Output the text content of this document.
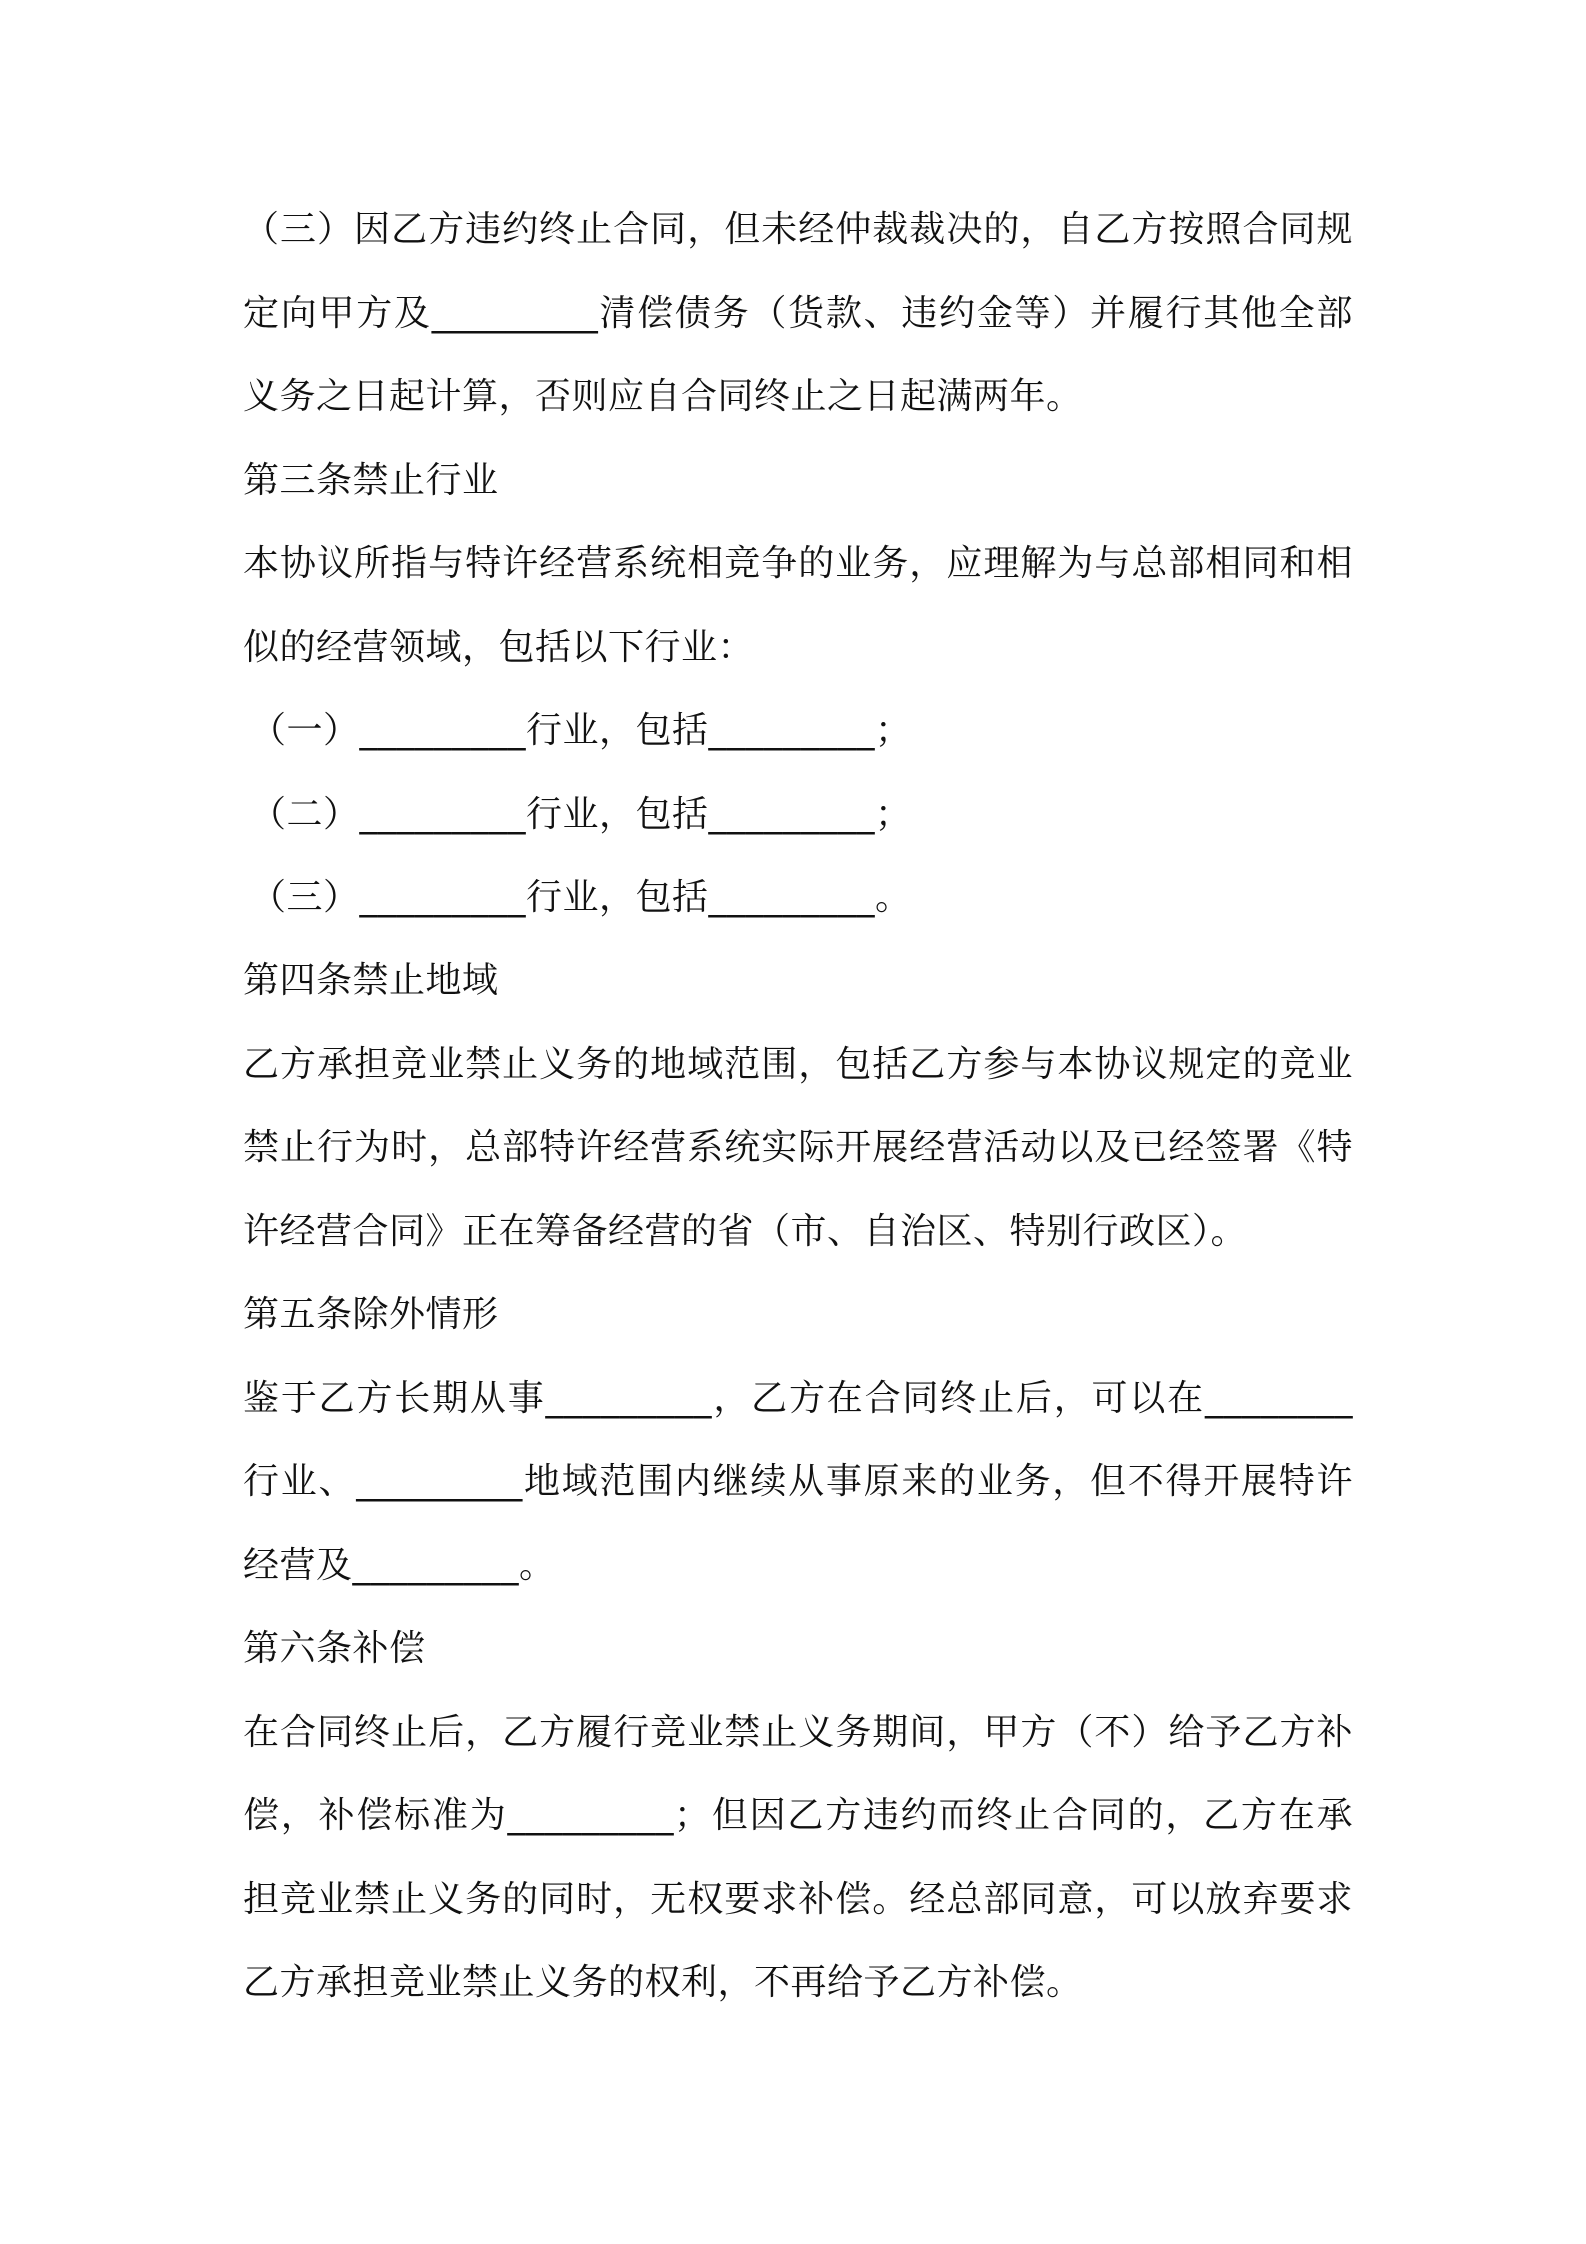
（三）因乙方违约终止合同，但未经仲裁裁决的，自乙方按照合同规
定向甲方及_________清偿债务（货款、违约金等）并履行其他全部
义务之日起计算，否则应自合同终止之日起满两年。
第三条禁止行业
本协议所指与特许经营系统相竞争的业务，应理解为与总部相同和相
似的经营领域，包括以下行业：
（一）_________行业，包括_________；
（二）_________行业，包括_________；
（三）_________行业，包括_________。
第四条禁止地域
乙方承担竞业禁止义务的地域范围，包括乙方参与本协议规定的竞业
禁止行为时，总部特许经营系统实际开展经营活动以及已经签署《特
许经营合同》正在筹备经营的省（市、自治区、特别行政区）。
第五条除外情形
鉴于乙方长期从事_________，乙方在合同终止后，可以在________
行业、_________地域范围内继续从事原来的业务，但不得开展特许
经营及_________。
第六条补偿
在合同终止后，乙方履行竞业禁止义务期间，甲方（不）给予乙方补
偿，补偿标准为_________；但因乙方违约而终止合同的，乙方在承
担竞业禁止义务的同时，无权要求补偿。经总部同意，可以放弃要求
乙方承担竞业禁止义务的权利，不再给予乙方补偿。
